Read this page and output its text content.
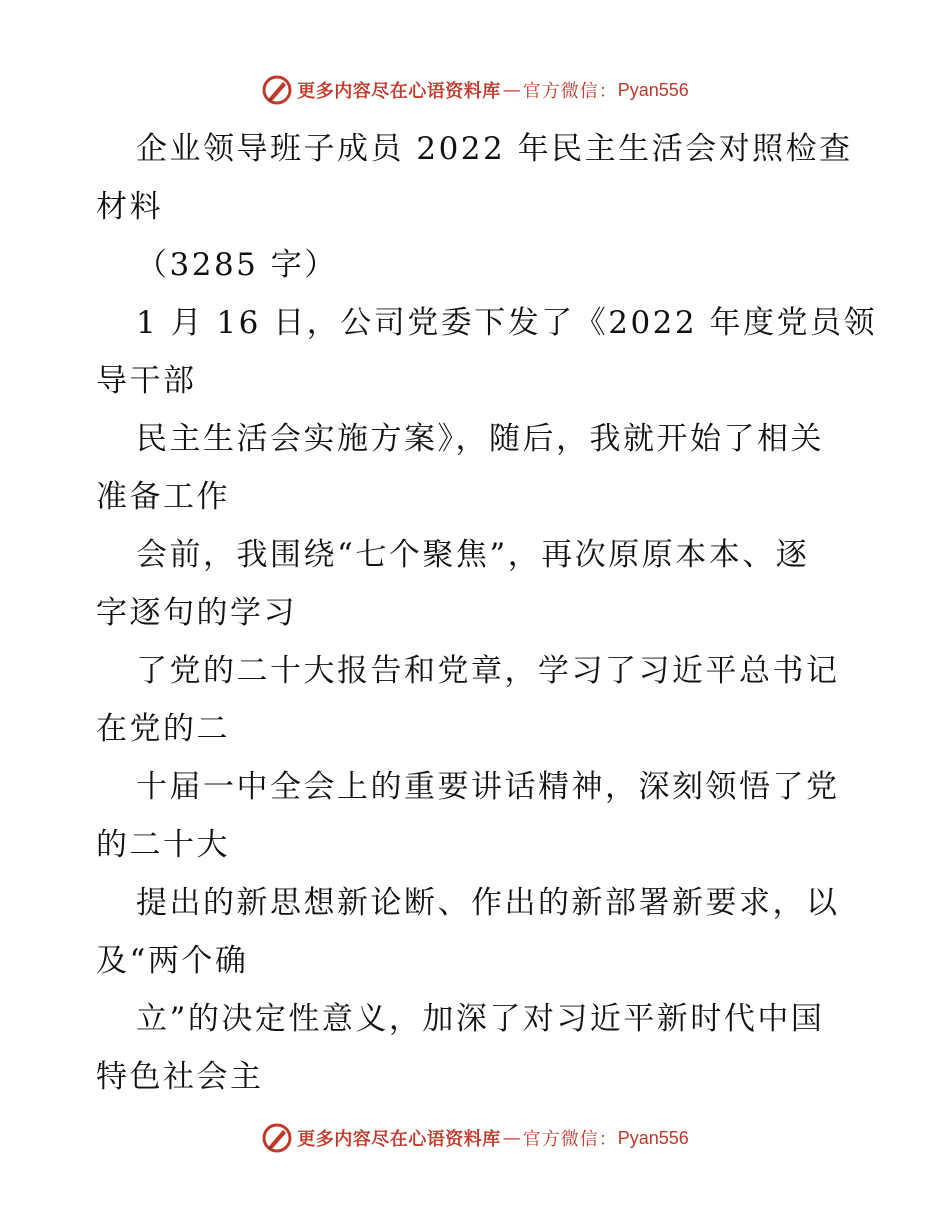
更多内容尽在心语资料库 — 官方微信： Pyan556
企业领导班子成员 2022 年民主生活会对照检查
材料
（3285 字）
1 月 16 日，公司党委下发了《2022 年度党员领
导干部
民主生活会实施方案》，随后，我就开始了相关
准备工作
会前，我围绕“七个聚焦”，再次原原本本、逐
字逐句的学习
了党的二十大报告和党章，学习了习近平总书记
在党的二
十届一中全会上的重要讲话精神，深刻领悟了党
的二十大
提出的新思想新论断、作出的新部署新要求，以
及“两个确
立”的决定性意义，加深了对习近平新时代中国
特色社会主
更多内容尽在心语资料库 — 官方微信： Pyan556
